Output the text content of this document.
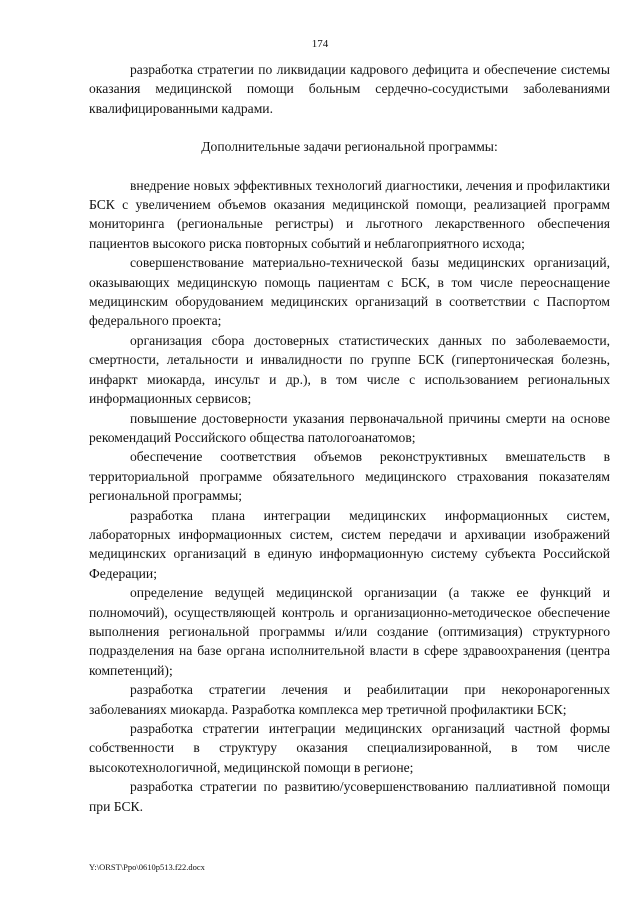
174

разработка стратегии по ликвидации кадрового дефицита и обеспечение системы оказания медицинской помощи больным сердечно-сосудистыми заболеваниями квалифицированными кадрами.

Дополнительные задачи региональной программы:

внедрение новых эффективных технологий диагностики, лечения и профилактики БСК с увеличением объемов оказания медицинской помощи, реализацией программ мониторинга (региональные регистры) и льготного лекарственного обеспечения пациентов высокого риска повторных событий и неблагоприятного исхода;

совершенствование материально-технической базы медицинских организаций, оказывающих медицинскую помощь пациентам с БСК, в том числе переоснащение медицинским оборудованием медицинских организаций в соответствии с Паспортом федерального проекта;

организация сбора достоверных статистических данных по заболеваемости, смертности, летальности и инвалидности по группе БСК (гипертоническая болезнь, инфаркт миокарда, инсульт и др.), в том числе с использованием региональных информационных сервисов;

повышение достоверности указания первоначальной причины смерти на основе рекомендаций Российского общества патологоанатомов;

обеспечение соответствия объемов реконструктивных вмешательств в территориальной программе обязательного медицинского страхования показателям региональной программы;

разработка плана интеграции медицинских информационных систем, лабораторных информационных систем, систем передачи и архивации изображений медицинских организаций в единую информационную систему субъекта Российской Федерации;

определение ведущей медицинской организации (а также ее функций и полномочий), осуществляющей контроль и организационно-методическое обеспечение выполнения региональной программы и/или создание (оптимизация) структурного подразделения на базе органа исполнительной власти в сфере здравоохранения (центра компетенций);

разработка стратегии лечения и реабилитации при некоронарогенных заболеваниях миокарда. Разработка комплекса мер третичной профилактики БСК;

разработка стратегии интеграции медицинских организаций частной формы собственности в структуру оказания специализированной, в том числе высокотехнологичной, медицинской помощи в регионе;

разработка стратегии по развитию/усовершенствованию паллиативной помощи при БСК.

Y:\ORST\Ppo\0610p513.f22.docx
